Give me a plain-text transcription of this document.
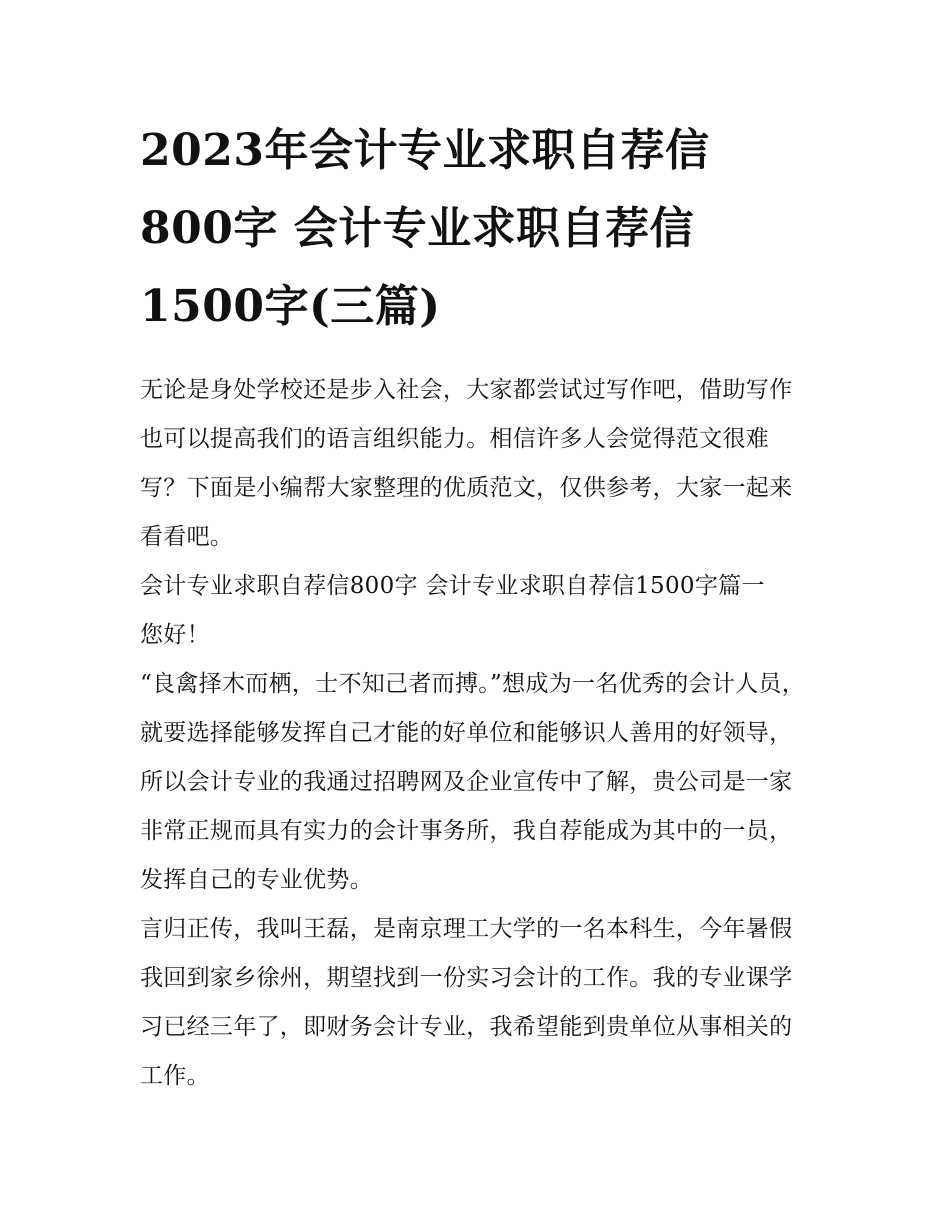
2023年会计专业求职自荐信
800字 会计专业求职自荐信
1500字(三篇)

无论是身处学校还是步入社会，大家都尝试过写作吧，借助写作也可以提高我们的语言组织能力。相信许多人会觉得范文很难写？下面是小编帮大家整理的优质范文，仅供参考，大家一起来看看吧。

会计专业求职自荐信800字 会计专业求职自荐信1500字篇一

您好！

“良禽择木而栖，士不知己者而搏。”想成为一名优秀的会计人员，就要选择能够发挥自己才能的好单位和能够识人善用的好领导，所以会计专业的我通过招聘网及企业宣传中了解，贵公司是一家非常正规而具有实力的会计事务所，我自荐能成为其中的一员，发挥自己的专业优势。

言归正传，我叫王磊，是南京理工大学的一名本科生，今年暑假我回到家乡徐州，期望找到一份实习会计的工作。我的专业课学习已经三年了，即财务会计专业，我希望能到贵单位从事相关的工作。
